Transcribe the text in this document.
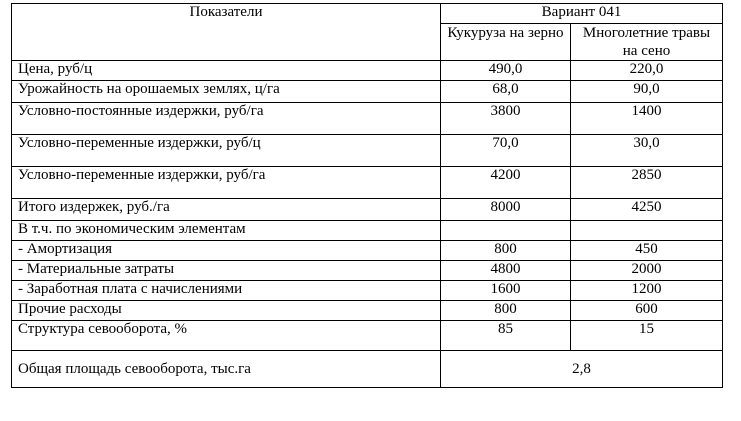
Показатели	Вариант 041	
	Кукуруза на зерно	Многолетние травы на сено
Цена, руб/ц	490,0	220,0
Урожайность на орошаемых землях, ц/га	68,0	90,0
Условно-постоянные издержки, руб/га	3800	1400
Условно-переменные издержки, руб/ц	70,0	30,0
Условно-переменные издержки, руб/га	4200	2850
Итого издержек, руб./га	8000	4250
В т.ч. по экономическим элементам		
- Амортизация	800	450
- Материальные затраты	4800	2000
- Заработная плата с начислениями	1600	1200
Прочие расходы	800	600
Структура севооборота, %	85	15
Общая площадь севооборота, тыс.га	2,8	
